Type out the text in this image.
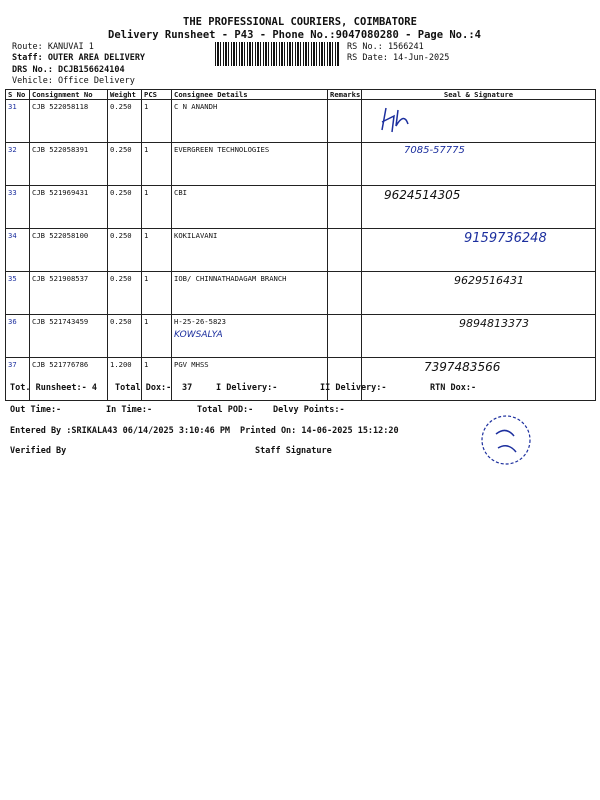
THE PROFESSIONAL COURIERS, COIMBATORE
Delivery Runsheet - P43 - Phone No.:9047080280 - Page No.:4
Route: KANUVAI 1
Staff: OUTER AREA DELIVERY
DRS No.: DCJB156624104
Vehicle: Office Delivery
RS No.: 1566241
RS Date: 14-Jun-2025
S No	Consignment No	Weight	PCS	Consignee Details	Remarks	Seal & Signature
31	CJB 522058118	0.250	1	C N ANANDH		
32	CJB 522058391	0.250	1	EVERGREEN TECHNOLOGIES		7085-57775
33	CJB 521969431	0.250	1	CBI		9624514305
34	CJB 522058100	0.250	1	KOKILAVANI		9159736248
35	CJB 521908537	0.250	1	IOB/ CHINNATHADAGAM BRANCH		9629516431
36	CJB 521743459	0.250	1	H-25-26-5823
KOWSALYA		9894813373
37	CJB 521776786	1.200	1	PGV MHSS		7397483566
Tot. Runsheet:- 4 Total Dox:- 37	I Delivery:-	II Delivery:-	RTN Dox:-
Out Time:-	In Time:-	Total POD:- Delvy Points:-
Entered By :SRIKALA43 06/14/2025 3:10:46 PM Printed On: 14-06-2025 15:12:20
Verified By	Staff Signature
